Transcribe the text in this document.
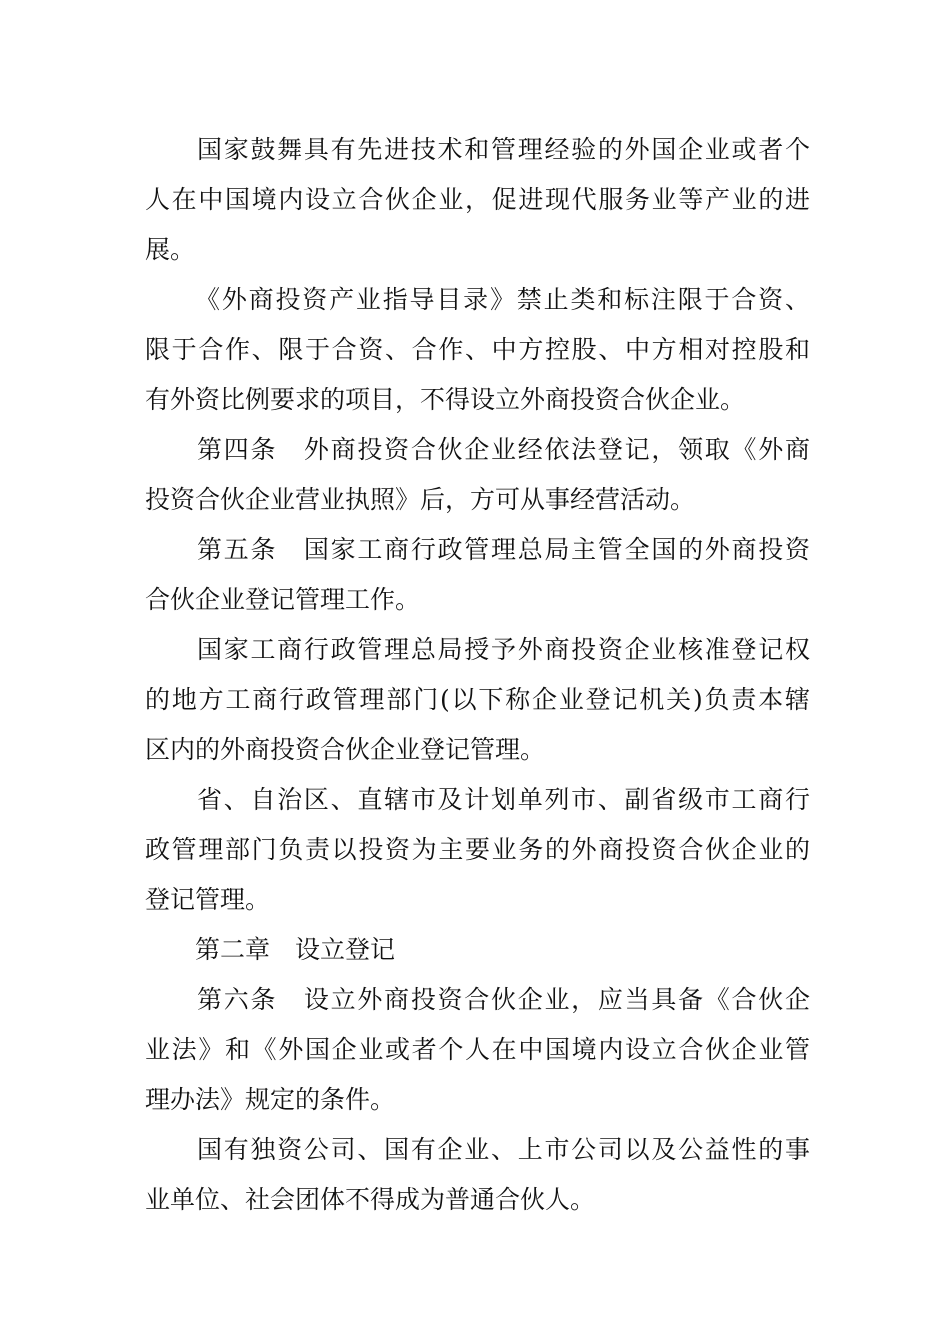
国家鼓舞具有先进技术和管理经验的外国企业或者个
人在中国境内设立合伙企业，促进现代服务业等产业的进
展。
《外商投资产业指导目录》禁止类和标注限于合资、
限于合作、限于合资、合作、中方控股、中方相对控股和
有外资比例要求的项目，不得设立外商投资合伙企业。
第四条　外商投资合伙企业经依法登记，领取《外商
投资合伙企业营业执照》后，方可从事经营活动。
第五条　国家工商行政管理总局主管全国的外商投资
合伙企业登记管理工作。
国家工商行政管理总局授予外商投资企业核准登记权
的地方工商行政管理部门(以下称企业登记机关)负责本辖
区内的外商投资合伙企业登记管理。
省、自治区、直辖市及计划单列市、副省级市工商行
政管理部门负责以投资为主要业务的外商投资合伙企业的
登记管理。
第二章　设立登记
第六条　设立外商投资合伙企业，应当具备《合伙企
业法》和《外国企业或者个人在中国境内设立合伙企业管
理办法》规定的条件。
国有独资公司、国有企业、上市公司以及公益性的事
业单位、社会团体不得成为普通合伙人。
